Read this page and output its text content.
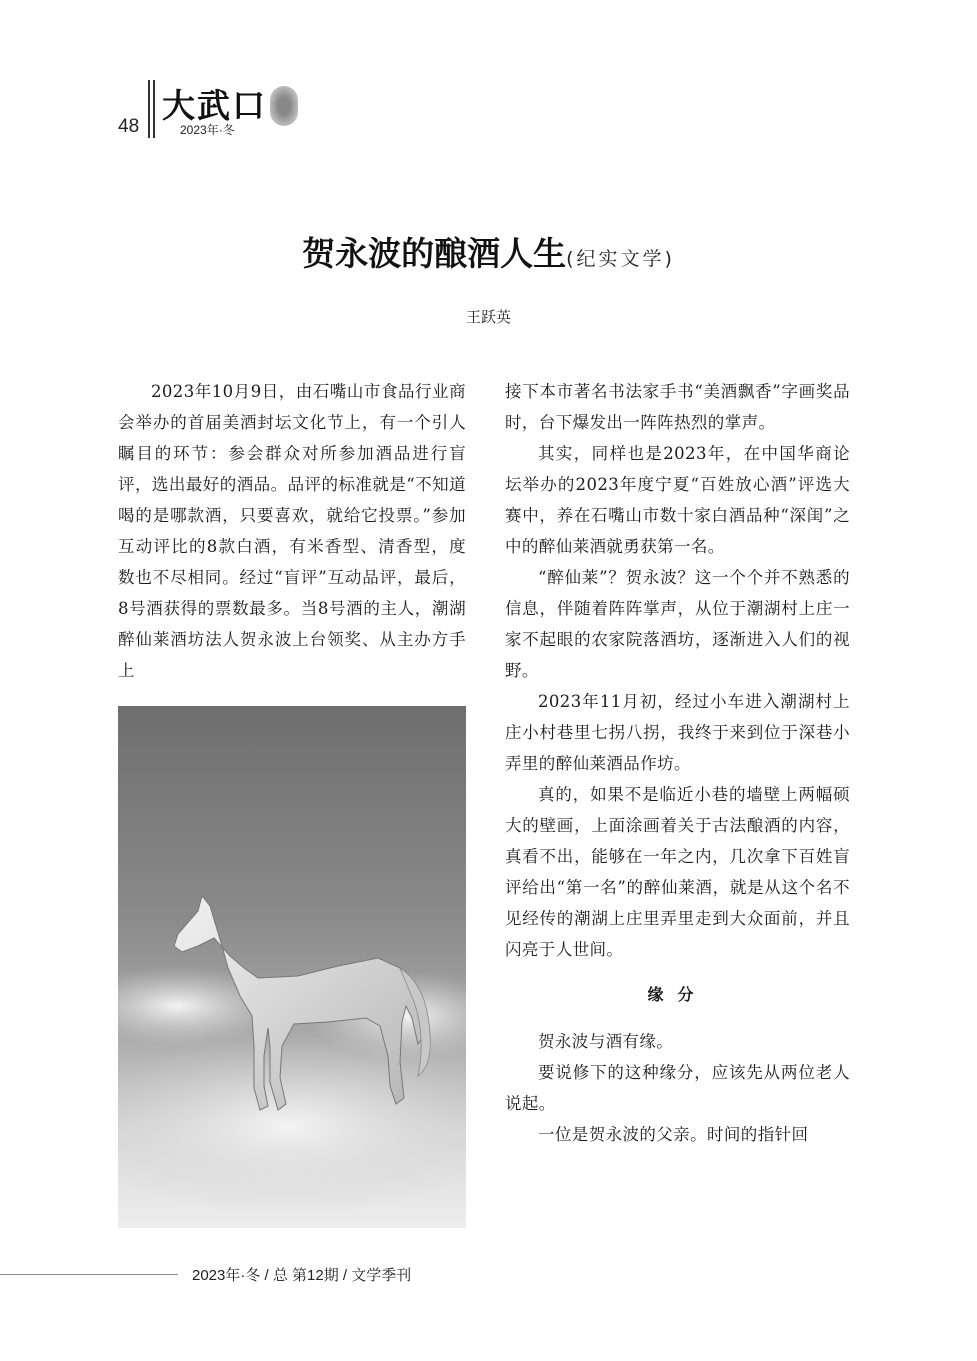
48
大武口
2023年·冬
贺永波的酿酒人生(纪实文学)
王跃英

2023年10月9日，由石嘴山市食品行业商会举办的首届美酒封坛文化节上，有一个引人瞩目的环节：参会群众对所参加酒品进行盲评，选出最好的酒品。品评的标准就是“不知道喝的是哪款酒，只要喜欢，就给它投票。”参加互动评比的8款白酒，有米香型、清香型，度数也不尽相同。经过“盲评”互动品评，最后，8号酒获得的票数最多。当8号酒的主人，潮湖醉仙莱酒坊法人贺永波上台领奖、从主办方手上

接下本市著名书法家手书“美酒飘香”字画奖品时，台下爆发出一阵阵热烈的掌声。

其实，同样也是2023年，在中国华商论坛举办的2023年度宁夏“百姓放心酒”评选大赛中，养在石嘴山市数十家白酒品种“深闺”之中的醉仙莱酒就勇获第一名。

“醉仙莱”？贺永波？这一个个并不熟悉的信息，伴随着阵阵掌声，从位于潮湖村上庄一家不起眼的农家院落酒坊，逐渐进入人们的视野。

2023年11月初，经过小车进入潮湖村上庄小村巷里七拐八拐，我终于来到位于深巷小弄里的醉仙莱酒品作坊。

真的，如果不是临近小巷的墙壁上两幅硕大的壁画，上面涂画着关于古法酿酒的内容，真看不出，能够在一年之内，几次拿下百姓盲评给出“第一名”的醉仙莱酒，就是从这个名不见经传的潮湖上庄里弄里走到大众面前，并且闪亮于人世间。

缘分

贺永波与酒有缘。

要说修下的这种缘分，应该先从两位老人说起。

一位是贺永波的父亲。时间的指针回

2023年·冬 / 总 第12期 / 文学季刊
